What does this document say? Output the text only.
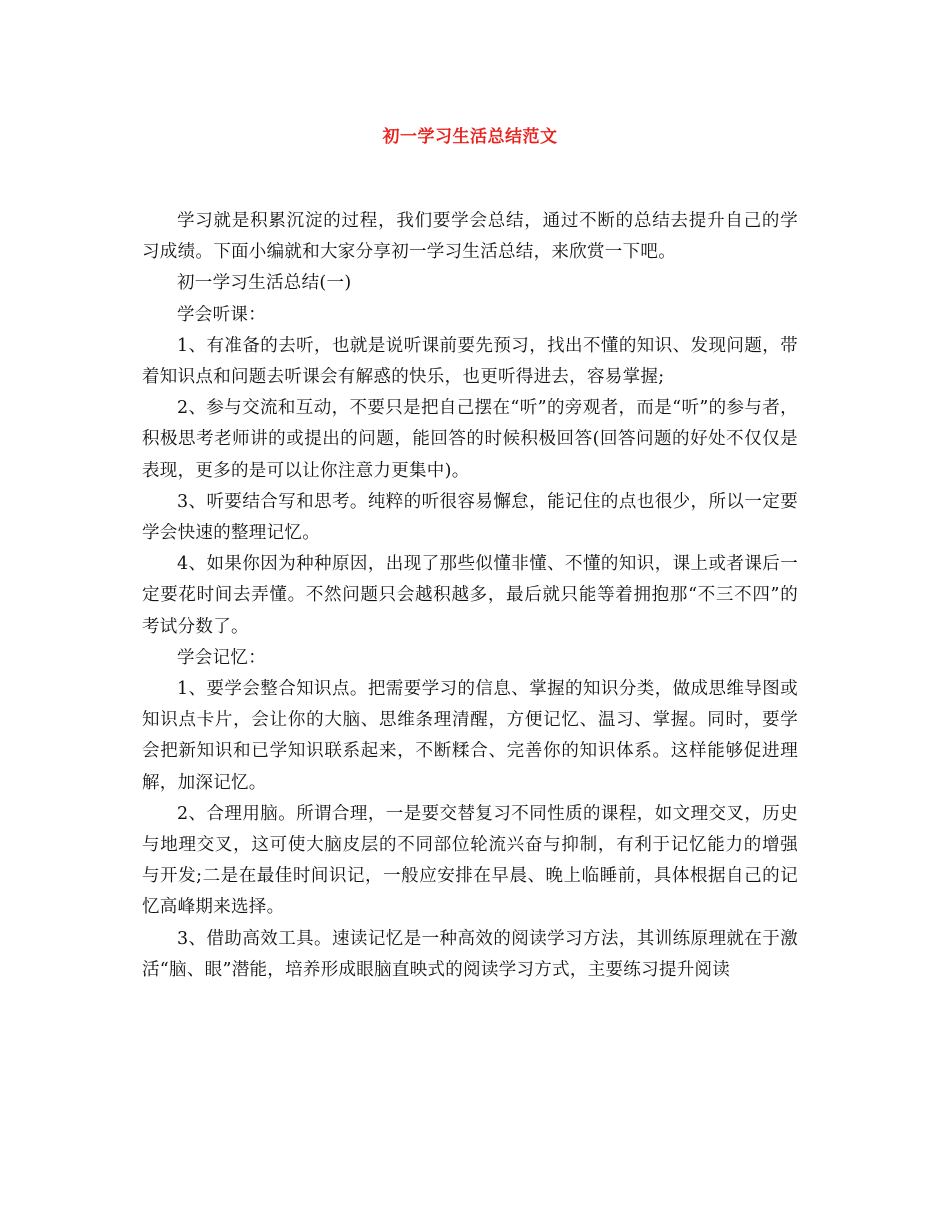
初一学习生活总结范文

学习就是积累沉淀的过程，我们要学会总结，通过不断的总结去提升自己的学习成绩。下面小编就和大家分享初一学习生活总结，来欣赏一下吧。

初一学习生活总结(一)

学会听课：

1、有准备的去听，也就是说听课前要先预习，找出不懂的知识、发现问题，带着知识点和问题去听课会有解惑的快乐，也更听得进去，容易掌握;

2、参与交流和互动，不要只是把自己摆在“听”的旁观者，而是“听”的参与者，积极思考老师讲的或提出的问题，能回答的时候积极回答(回答问题的好处不仅仅是表现，更多的是可以让你注意力更集中)。

3、听要结合写和思考。纯粹的听很容易懈怠，能记住的点也很少，所以一定要学会快速的整理记忆。

4、如果你因为种种原因，出现了那些似懂非懂、不懂的知识，课上或者课后一定要花时间去弄懂。不然问题只会越积越多，最后就只能等着拥抱那“不三不四”的考试分数了。

学会记忆：

1、要学会整合知识点。把需要学习的信息、掌握的知识分类，做成思维导图或知识点卡片，会让你的大脑、思维条理清醒，方便记忆、温习、掌握。同时，要学会把新知识和已学知识联系起来，不断糅合、完善你的知识体系。这样能够促进理解，加深记忆。

2、合理用脑。所谓合理，一是要交替复习不同性质的课程，如文理交叉，历史与地理交叉，这可使大脑皮层的不同部位轮流兴奋与抑制，有利于记忆能力的增强与开发;二是在最佳时间识记，一般应安排在早晨、晚上临睡前，具体根据自己的记忆高峰期来选择。

3、借助高效工具。速读记忆是一种高效的阅读学习方法，其训练原理就在于激活“脑、眼”潜能，培养形成眼脑直映式的阅读学习方式，主要练习提升阅读
